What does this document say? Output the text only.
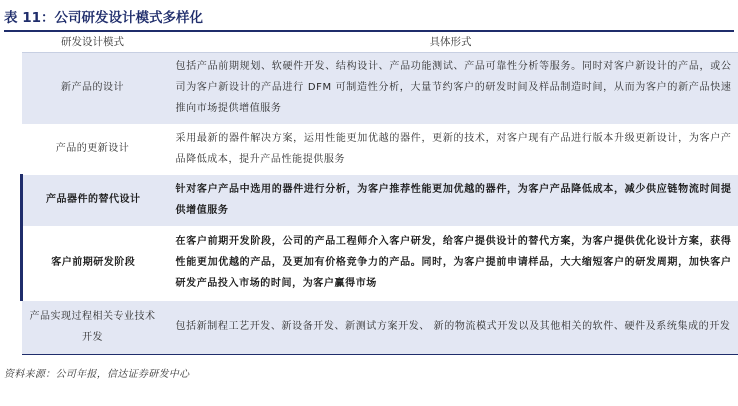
表 11：公司研发设计模式多样化
研发设计模式	具体形式
新产品的设计	包括产品前期规划、软硬件开发、结构设计、产品功能测试、产品可靠性分析等服务。同时对客户新设计的产品，或公司为客户新设计的产品进行 DFM 可制造性分析，大量节约客户的研发时间及样品制造时间，从而为客户的新产品快速推向市场提供增值服务
产品的更新设计	采用最新的器件解决方案，运用性能更加优越的器件，更新的技术，对客户现有产品进行版本升级更新设计，为客户产品降低成本，提升产品性能提供服务
产品器件的替代设计	针对客户产品中选用的器件进行分析，为客户推荐性能更加优越的器件，为客户产品降低成本，减少供应链物流时间提供增值服务
客户前期研发阶段	在客户前期开发阶段，公司的产品工程师介入客户研发，给客户提供设计的替代方案，为客户提供优化设计方案，获得性能更加优越的产品，及更加有价格竞争力的产品。同时，为客户提前申请样品，大大缩短客户的研发周期，加快客户研发产品投入市场的时间，为客户赢得市场
产品实现过程相关专业技术开发	包括新制程工艺开发、新设备开发、新测试方案开发、 新的物流模式开发以及其他相关的软件、硬件及系统集成的开发
资料来源：公司年报，信达证券研发中心
